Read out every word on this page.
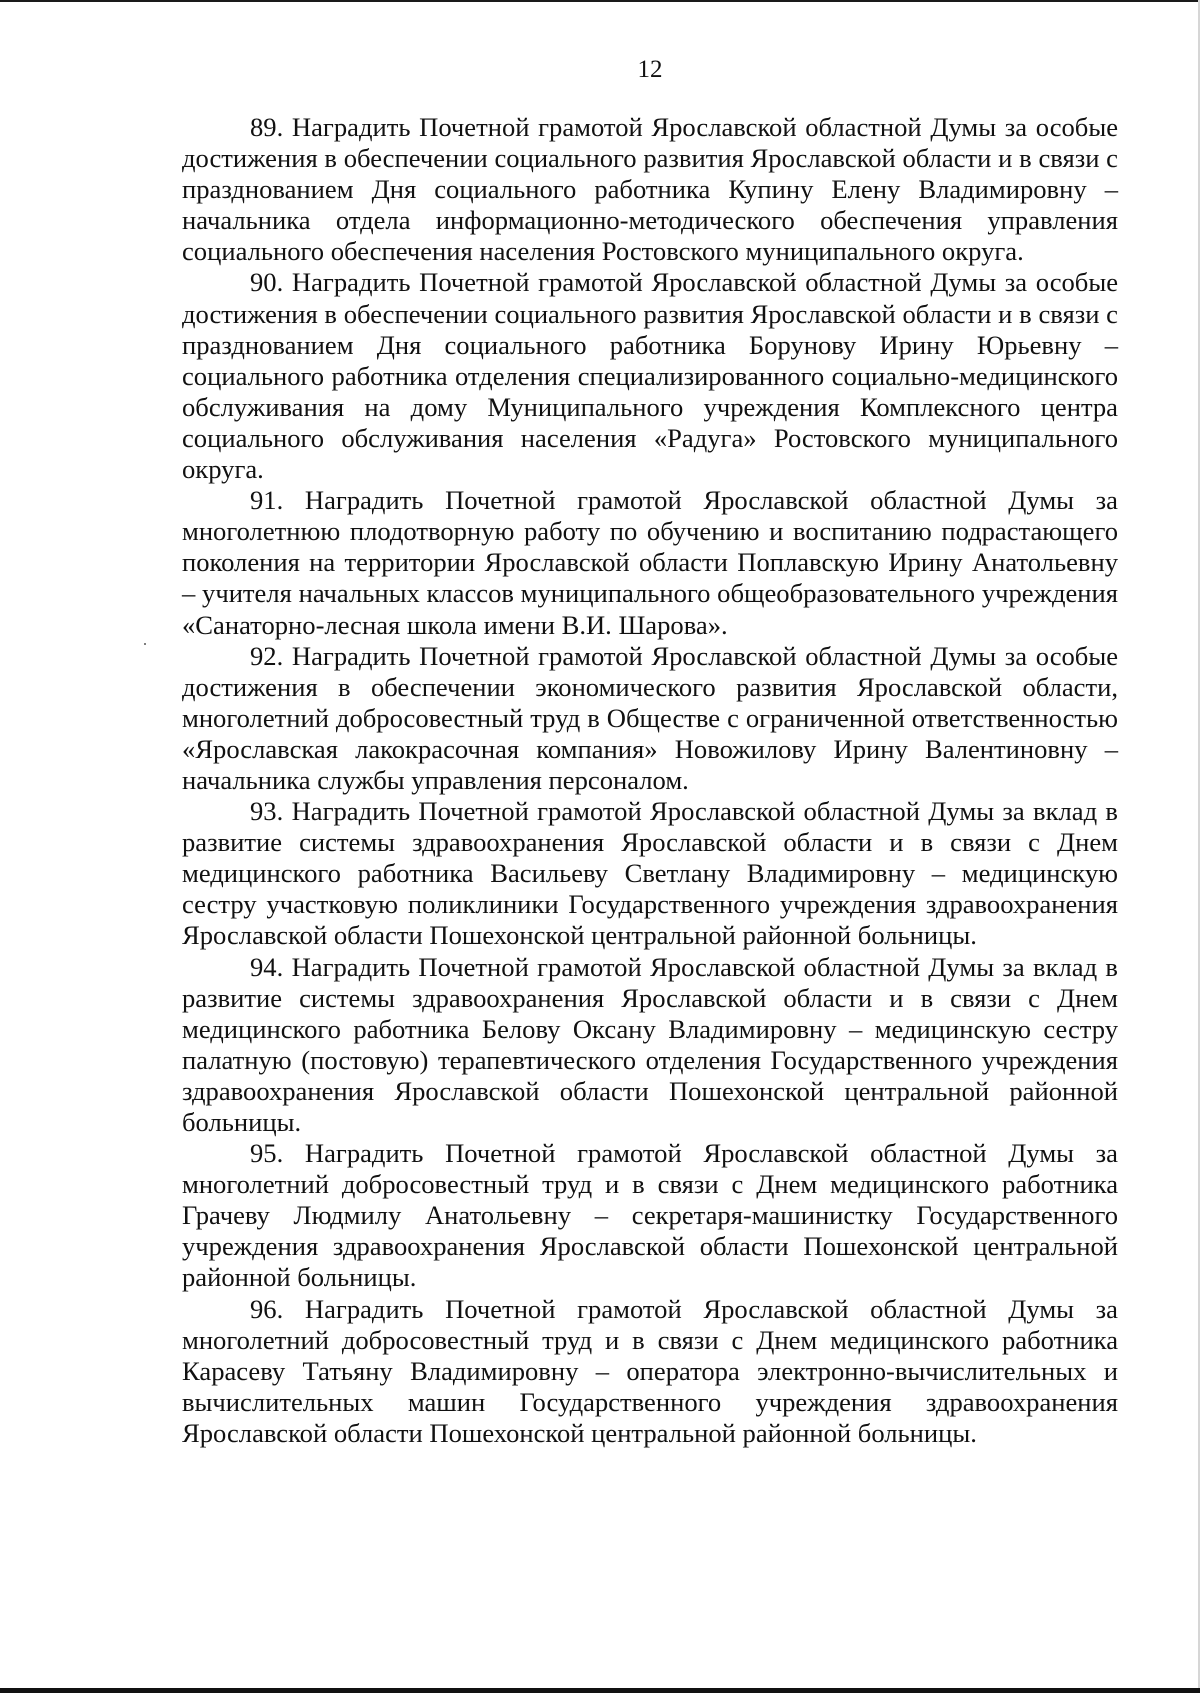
12

89. Наградить Почетной грамотой Ярославской областной Думы за особые достижения в обеспечении социального развития Ярославской области и в связи с празднованием Дня социального работника Купину Елену Владимировну – начальника отдела информационно-методического обеспечения управления социального обеспечения населения Ростовского муниципального округа.

90. Наградить Почетной грамотой Ярославской областной Думы за особые достижения в обеспечении социального развития Ярославской области и в связи с празднованием Дня социального работника Борунову Ирину Юрьевну – социального работника отделения специализированного социально-медицинского обслуживания на дому Муниципального учреждения Комплексного центра социального обслуживания населения «Радуга» Ростовского муниципального округа.

91. Наградить Почетной грамотой Ярославской областной Думы за многолетнюю плодотворную работу по обучению и воспитанию подрастающего поколения на территории Ярославской области Поплавскую Ирину Анатольевну – учителя начальных классов муниципального общеобразовательного учреждения «Санаторно-лесная школа имени В.И. Шарова».

92. Наградить Почетной грамотой Ярославской областной Думы за особые достижения в обеспечении экономического развития Ярославской области, многолетний добросовестный труд в Обществе с ограниченной ответственностью «Ярославская лакокрасочная компания» Новожилову Ирину Валентиновну – начальника службы управления персоналом.

93. Наградить Почетной грамотой Ярославской областной Думы за вклад в развитие системы здравоохранения Ярославской области и в связи с Днем медицинского работника Васильеву Светлану Владимировну – медицинскую сестру участковую поликлиники Государственного учреждения здравоохранения Ярославской области Пошехонской центральной районной больницы.

94. Наградить Почетной грамотой Ярославской областной Думы за вклад в развитие системы здравоохранения Ярославской области и в связи с Днем медицинского работника Белову Оксану Владимировну – медицинскую сестру палатную (постовую) терапевтического отделения Государственного учреждения здравоохранения Ярославской области Пошехонской центральной районной больницы.

95. Наградить Почетной грамотой Ярославской областной Думы за многолетний добросовестный труд и в связи с Днем медицинского работника Грачеву Людмилу Анатольевну – секретаря-машинистку Государственного учреждения здравоохранения Ярославской области Пошехонской центральной районной больницы.

96. Наградить Почетной грамотой Ярославской областной Думы за многолетний добросовестный труд и в связи с Днем медицинского работника Карасеву Татьяну Владимировну – оператора электронно-вычислительных и вычислительных машин Государственного учреждения здравоохранения Ярославской области Пошехонской центральной районной больницы.
